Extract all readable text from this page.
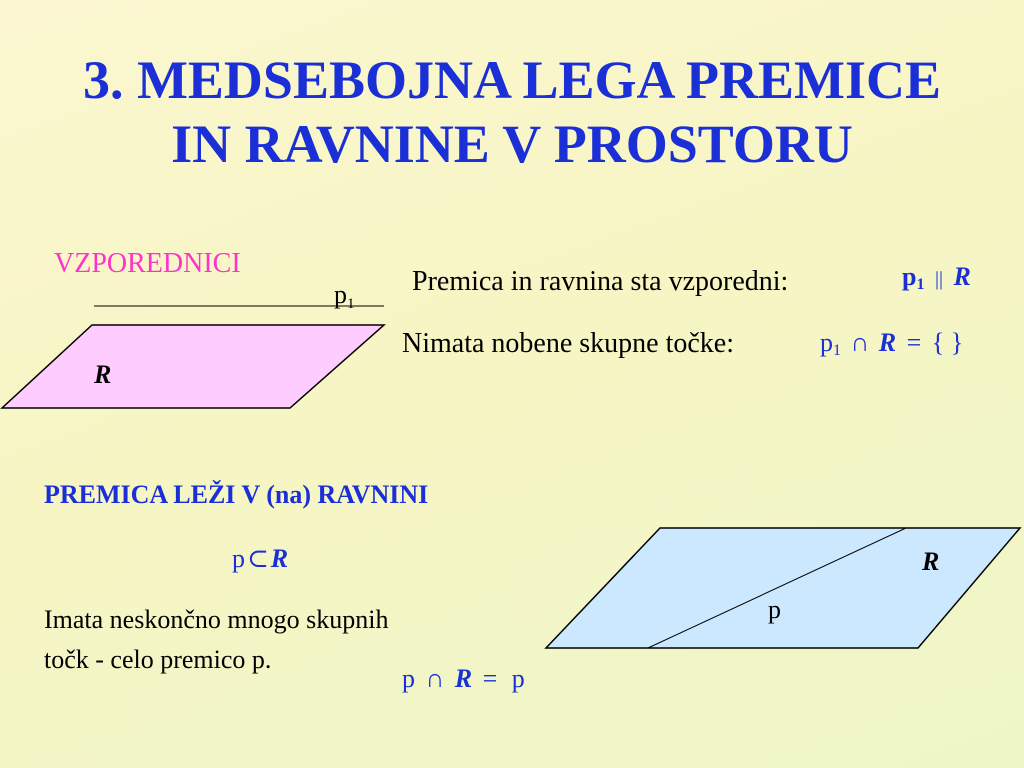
3. MEDSEBOJNA LEGA PREMICE
IN RAVNINE V PROSTORU
VZPOREDNICI
p1
R
Premica in ravnina sta vzporedni:	p1 || R
Nimata nobene skupne točke:	p1 ∩ R = { }
PREMICA LEŽI V (na) RAVNINI
p⊂R
Imata neskončno mnogo skupnih
točk - celo premico p.
p ∩ R = p
R
p
